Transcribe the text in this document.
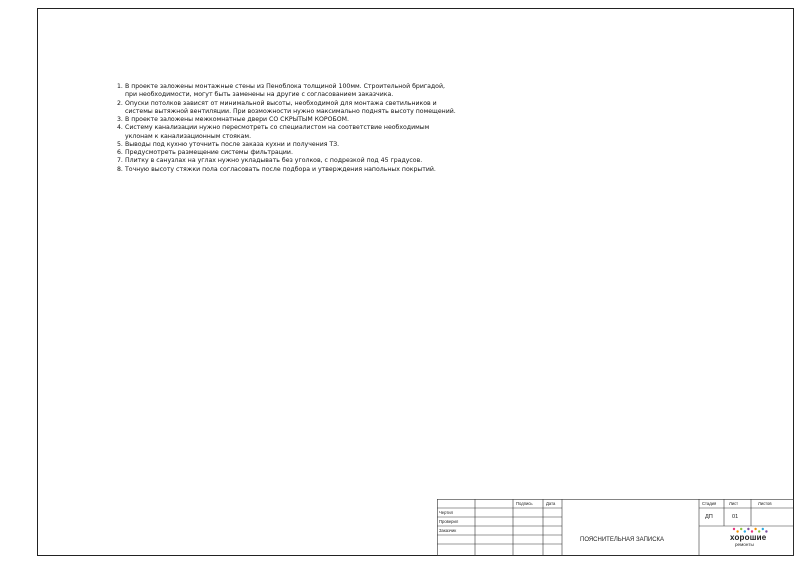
1. В проекте заложены монтажные стены из Пеноблока толщиной 100мм. Строительной бригадой, при необходимости, могут быть заменены на другие с согласованием заказчика.
2. Опуски потолков зависят от минимальной высоты, необходимой для монтажа светильников и системы вытяжной вентиляции. При возможности нужно максимально поднять высоту помещений.
3. В проекте заложены межкомнатные двери СО СКРЫТЫМ КОРОБОМ.
4. Систему канализации нужно пересмотреть со специалистом на соответствие необходимым уклонам к канализационным стоякам.
5. Выводы под кухню уточнить после заказа кухни и получения ТЗ.
6. Предусмотреть размещение системы фильтрации.
7. Плитку в санузлах на углах нужно укладывать без уголков, с подрезкой под 45 градусов.
8. Точную высоту стяжки пола согласовать после подбора и утверждения напольных покрытий.
Подпись	Дата
Чертил
Проверил
Заказчик
ПОЯСНИТЕЛЬНАЯ ЗАПИСКА
Стадия	Лист	Листов
ДП	01
хорошие
ремонты
